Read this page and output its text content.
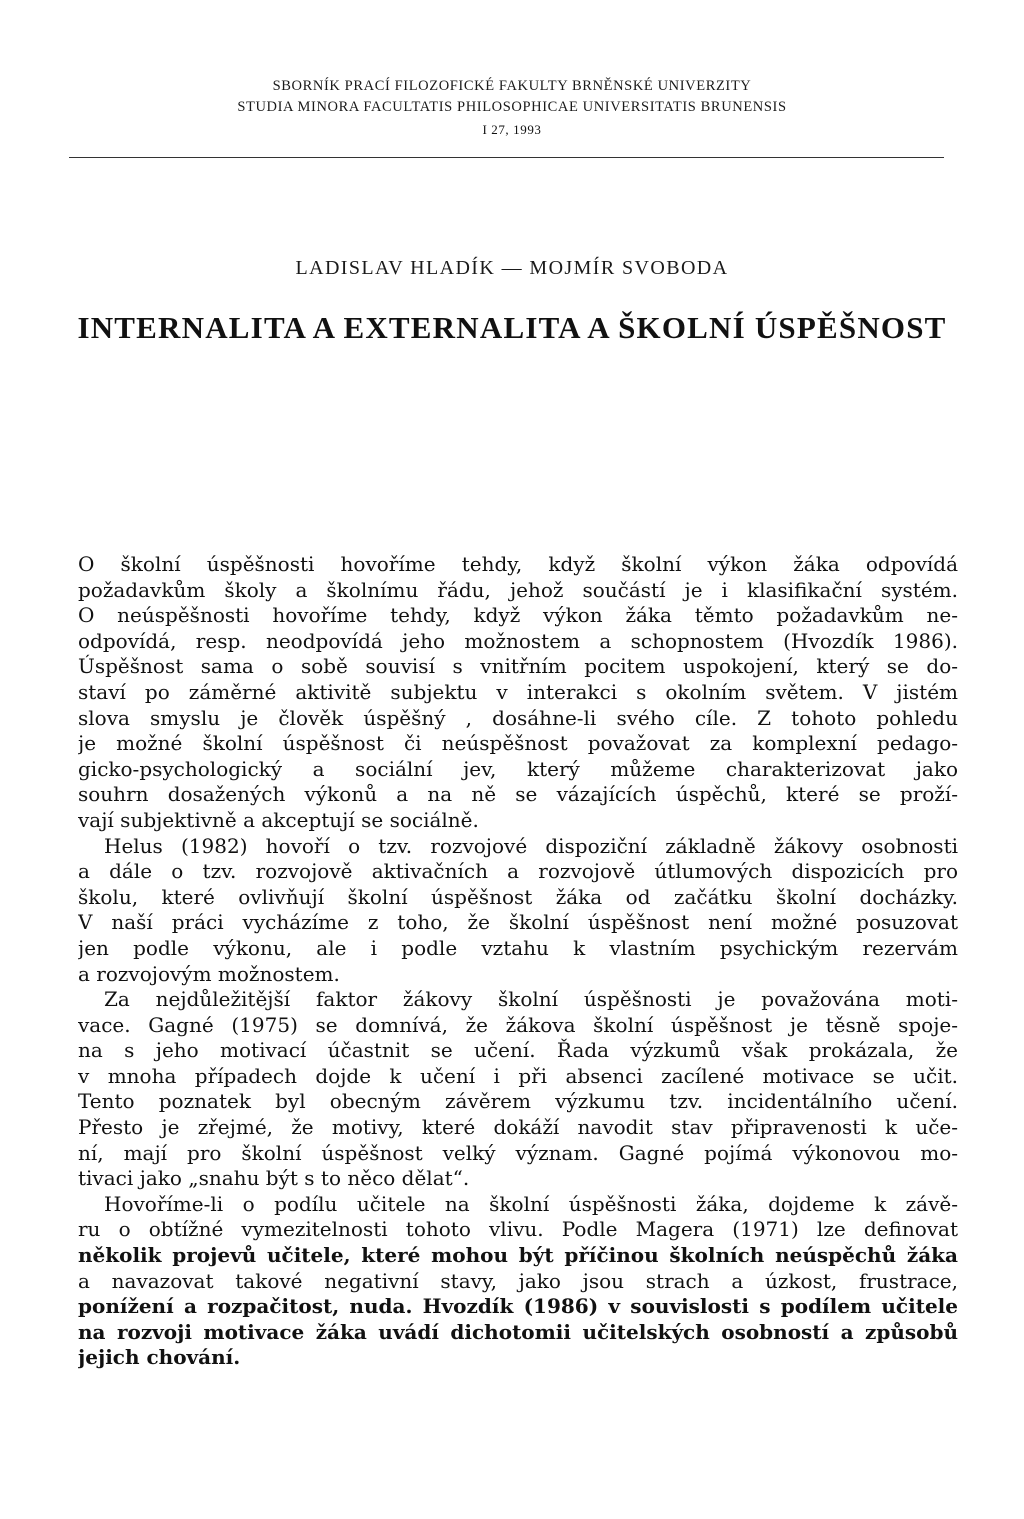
SBORNÍK PRACÍ FILOZOFICKÉ FAKULTY BRNĚNSKÉ UNIVERZITY
STUDIA MINORA FACULTATIS PHILOSOPHICAE UNIVERSITATIS BRUNENSIS
I 27, 1993
LADISLAV HLADÍK — MOJMÍR SVOBODA
INTERNALITA A EXTERNALITA A ŠKOLNÍ ÚSPĚŠNOST
O školní úspěšnosti hovoříme tehdy, když školní výkon žáka odpovídá
požadavkům školy a školnímu řádu, jehož součástí je i klasifikační systém.
O neúspěšnosti hovoříme tehdy, když výkon žáka těmto požadavkům ne-
odpovídá, resp. neodpovídá jeho možnostem a schopnostem (Hvozdík 1986).
Úspěšnost sama o sobě souvisí s vnitřním pocitem uspokojení, který se do-
staví po záměrné aktivitě subjektu v interakci s okolním světem. V jistém
slova smyslu je člověk úspěšný , dosáhne-li svého cíle. Z tohoto pohledu
je možné školní úspěšnost či neúspěšnost považovat za komplexní pedago-
gicko-psychologický a sociální jev, který můžeme charakterizovat jako
souhrn dosažených výkonů a na ně se vázajících úspěchů, které se proží-
vají subjektivně a akceptují se sociálně.
Helus (1982) hovoří o tzv. rozvojové dispoziční základně žákovy osobnosti
a dále o tzv. rozvojově aktivačních a rozvojově útlumových dispozicích pro
školu, které ovlivňují školní úspěšnost žáka od začátku školní docházky.
V naší práci vycházíme z toho, že školní úspěšnost není možné posuzovat
jen podle výkonu, ale i podle vztahu k vlastním psychickým rezervám
a rozvojovým možnostem.
Za nejdůležitější faktor žákovy školní úspěšnosti je považována moti-
vace. Gagné (1975) se domnívá, že žákova školní úspěšnost je těsně spoje-
na s jeho motivací účastnit se učení. Řada výzkumů však prokázala, že
v mnoha případech dojde k učení i při absenci zacílené motivace se učit.
Tento poznatek byl obecným závěrem výzkumu tzv. incidentálního učení.
Přesto je zřejmé, že motivy, které dokáží navodit stav připravenosti k uče-
ní, mají pro školní úspěšnost velký význam. Gagné pojímá výkonovou mo-
tivaci jako „snahu být s to něco dělat“.
Hovoříme-li o podílu učitele na školní úspěšnosti žáka, dojdeme k závě-
ru o obtížné vymezitelnosti tohoto vlivu. Podle Magera (1971) lze definovat
několik projevů učitele, které mohou být příčinou školních neúspěchů žáka
a navazovat takové negativní stavy, jako jsou strach a úzkost, frustrace,
ponížení a rozpačitost, nuda. Hvozdík (1986) v souvislosti s podílem učitele
na rozvoji motivace žáka uvádí dichotomii učitelských osobností a způsobů
jejich chování.
